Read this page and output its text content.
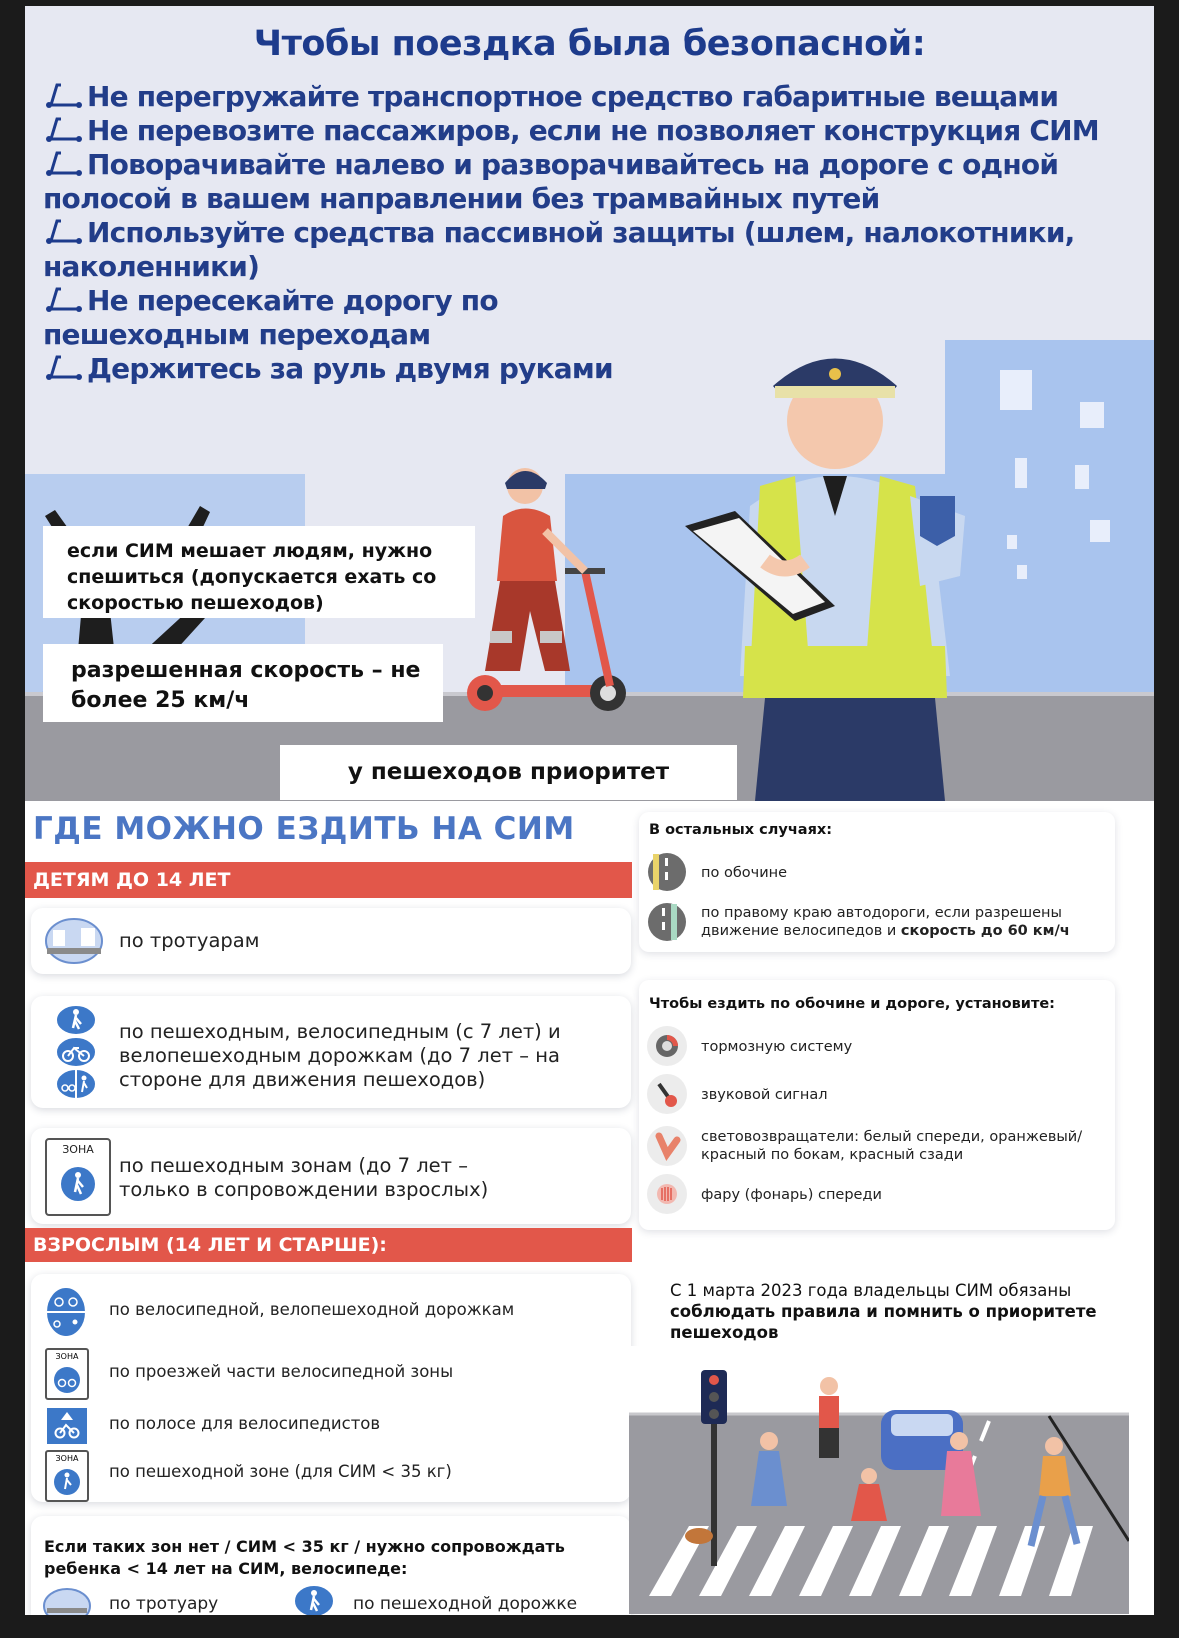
Чтобы поездка была безопасной:
Не перегружайте транспортное средство габаритные вещами
Не перевозите пассажиров, если не позволяет конструкция СИМ
Поворачивайте налево и разворачивайтесь на дороге с одной полосой в вашем направлении без трамвайных путей
Используйте средства пассивной защиты (шлем, налокотники, наколенники)
Не пересекайте дорогу по пешеходным переходам
Держитесь за руль двумя руками
если СИМ мешает людям, нужно спешиться (допускается ехать со скоростью пешеходов)
разрешенная скорость – не более 25 км/ч
у пешеходов приоритет
ГДЕ МОЖНО ЕЗДИТЬ НА СИМ
ДЕТЯМ ДО 14 ЛЕТ
по тротуарам
по пешеходным, велосипедным (с 7 лет) и велопешеходным дорожкам (до 7 лет – на стороне для движения пешеходов)
ЗОНА
по пешеходным зонам (до 7 лет – только в сопровождении взрослых)
ВЗРОСЛЫМ (14 ЛЕТ И СТАРШЕ):
по велосипедной, велопешеходной дорожкам
ЗОНА
по проезжей части велосипедной зоны
по полосе для велосипедистов
ЗОНА
по пешеходной зоне (для СИМ < 35 кг)
Если таких зон нет / СИМ < 35 кг / нужно сопровождать ребенка < 14 лет на СИМ, велосипеде:
по тротуару	по пешеходной дорожке
В остальных случаях:
по обочине
по правому краю автодороги, если разрешены движение велосипедов и скорость до 60 км/ч
Чтобы ездить по обочине и дороге, установите:
тормозную систему
звуковой сигнал
световозвращатели: белый спереди, оранжевый/красный по бокам, красный сзади
фару (фонарь) спереди
С 1 марта 2023 года владельцы СИМ обязаны
соблюдать правила и помнить о приоритете пешеходов
